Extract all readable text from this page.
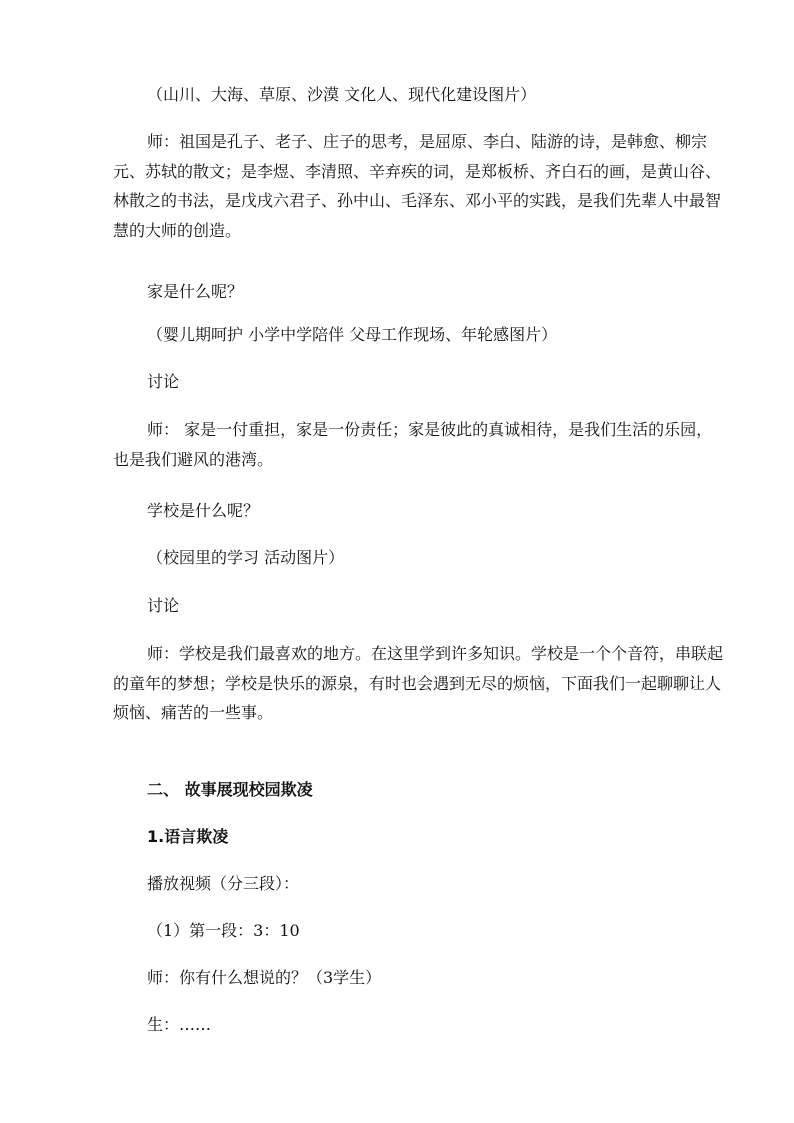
（山川、大海、草原、沙漠 文化人、现代化建设图片）

师：祖国是孔子、老子、庄子的思考，是屈原、李白、陆游的诗，是韩愈、柳宗元、苏轼的散文；是李煜、李清照、辛弃疾的词，是郑板桥、齐白石的画，是黄山谷、林散之的书法，是戊戌六君子、孙中山、毛泽东、邓小平的实践，是我们先辈人中最智慧的大师的创造。

家是什么呢？

（婴儿期呵护 小学中学陪伴 父母工作现场、年轮感图片）

讨论

师： 家是一付重担，家是一份责任；家是彼此的真诚相待，是我们生活的乐园，也是我们避风的港湾。

学校是什么呢？

（校园里的学习 活动图片）

讨论

师：学校是我们最喜欢的地方。在这里学到许多知识。学校是一个个音符，串联起的童年的梦想；学校是快乐的源泉，有时也会遇到无尽的烦恼，下面我们一起聊聊让人烦恼、痛苦的一些事。

二、 故事展现校园欺凌

1.语言欺凌

播放视频（分三段）：

（1）第一段：3：10

师：你有什么想说的？（3学生）

生：……
